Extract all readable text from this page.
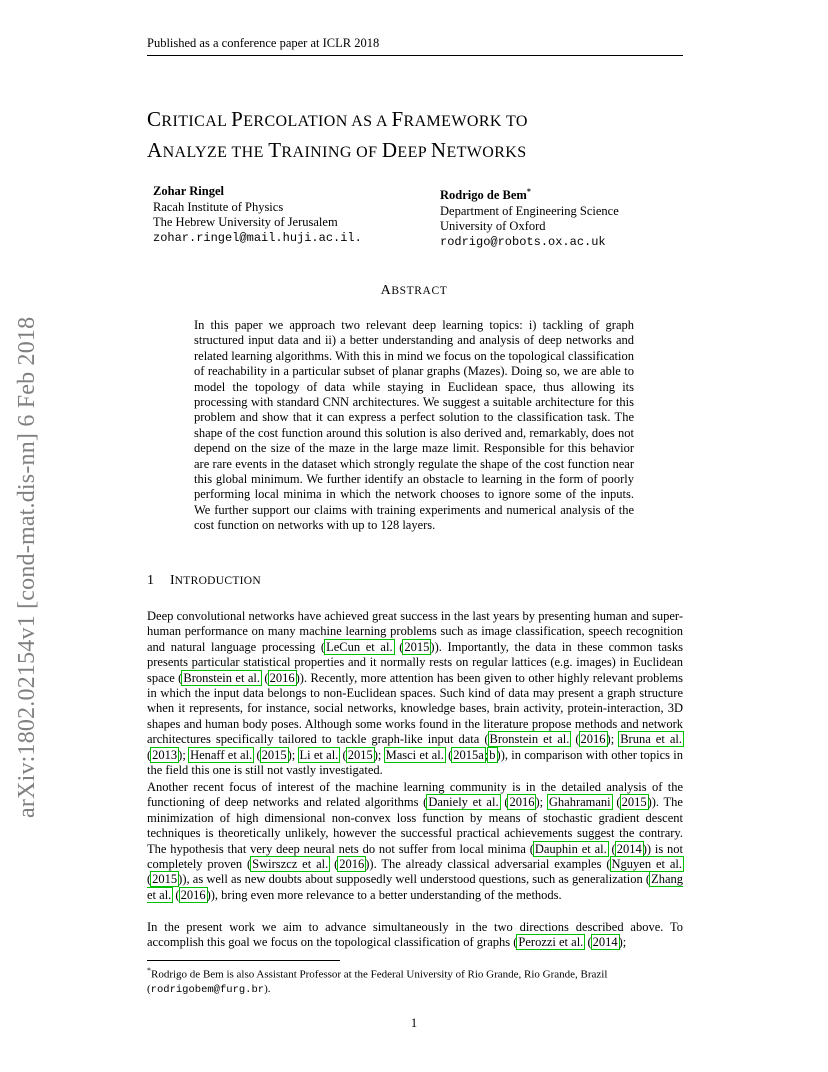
Published as a conference paper at ICLR 2018
CRITICAL PERCOLATION AS A FRAMEWORK TO
ANALYZE THE TRAINING OF DEEP NETWORKS
Zohar Ringel
Racah Institute of Physics
The Hebrew University of Jerusalem
zohar.ringel@mail.huji.ac.il.
Rodrigo de Bem*
Department of Engineering Science
University of Oxford
rodrigo@robots.ox.ac.uk
ABSTRACT
In this paper we approach two relevant deep learning topics: i) tackling of graph structured input data and ii) a better understanding and analysis of deep networks and related learning algorithms. With this in mind we focus on the topological classification of reachability in a particular subset of planar graphs (Mazes). Doing so, we are able to model the topology of data while staying in Euclidean space, thus allowing its processing with standard CNN architectures. We suggest a suitable architecture for this problem and show that it can express a perfect solution to the classification task. The shape of the cost function around this solution is also derived and, remarkably, does not depend on the size of the maze in the large maze limit. Responsible for this behavior are rare events in the dataset which strongly regulate the shape of the cost function near this global minimum. We further identify an obstacle to learning in the form of poorly performing local minima in which the network chooses to ignore some of the inputs. We further support our claims with training experiments and numerical analysis of the cost function on networks with up to 128 layers.
1 INTRODUCTION
Deep convolutional networks have achieved great success in the last years by presenting human and super-human performance on many machine learning problems such as image classification, speech recognition and natural language processing (LeCun et al. (2015)). Importantly, the data in these common tasks presents particular statistical properties and it normally rests on regular lattices (e.g. images) in Euclidean space (Bronstein et al. (2016)). Recently, more attention has been given to other highly relevant problems in which the input data belongs to non-Euclidean spaces. Such kind of data may present a graph structure when it represents, for instance, social networks, knowledge bases, brain activity, protein-interaction, 3D shapes and human body poses. Although some works found in the literature propose methods and network architectures specifically tailored to tackle graph-like input data (Bronstein et al. (2016); Bruna et al. (2013); Henaff et al. (2015); Li et al. (2015); Masci et al. (2015a;b)), in comparison with other topics in the field this one is still not vastly investigated.
Another recent focus of interest of the machine learning community is in the detailed analysis of the functioning of deep networks and related algorithms (Daniely et al. (2016); Ghahramani (2015)). The minimization of high dimensional non-convex loss function by means of stochastic gradient descent techniques is theoretically unlikely, however the successful practical achievements suggest the contrary. The hypothesis that very deep neural nets do not suffer from local minima (Dauphin et al. (2014)) is not completely proven (Swirszcz et al. (2016)). The already classical adversarial examples (Nguyen et al. (2015)), as well as new doubts about supposedly well understood questions, such as generalization (Zhang et al. (2016)), bring even more relevance to a better understanding of the methods.
In the present work we aim to advance simultaneously in the two directions described above. To accomplish this goal we focus on the topological classification of graphs (Perozzi et al. (2014);
*Rodrigo de Bem is also Assistant Professor at the Federal University of Rio Grande, Rio Grande, Brazil
(rodrigobem@furg.br).
1
arXiv:1802.02154v1 [cond-mat.dis-nn] 6 Feb 2018
